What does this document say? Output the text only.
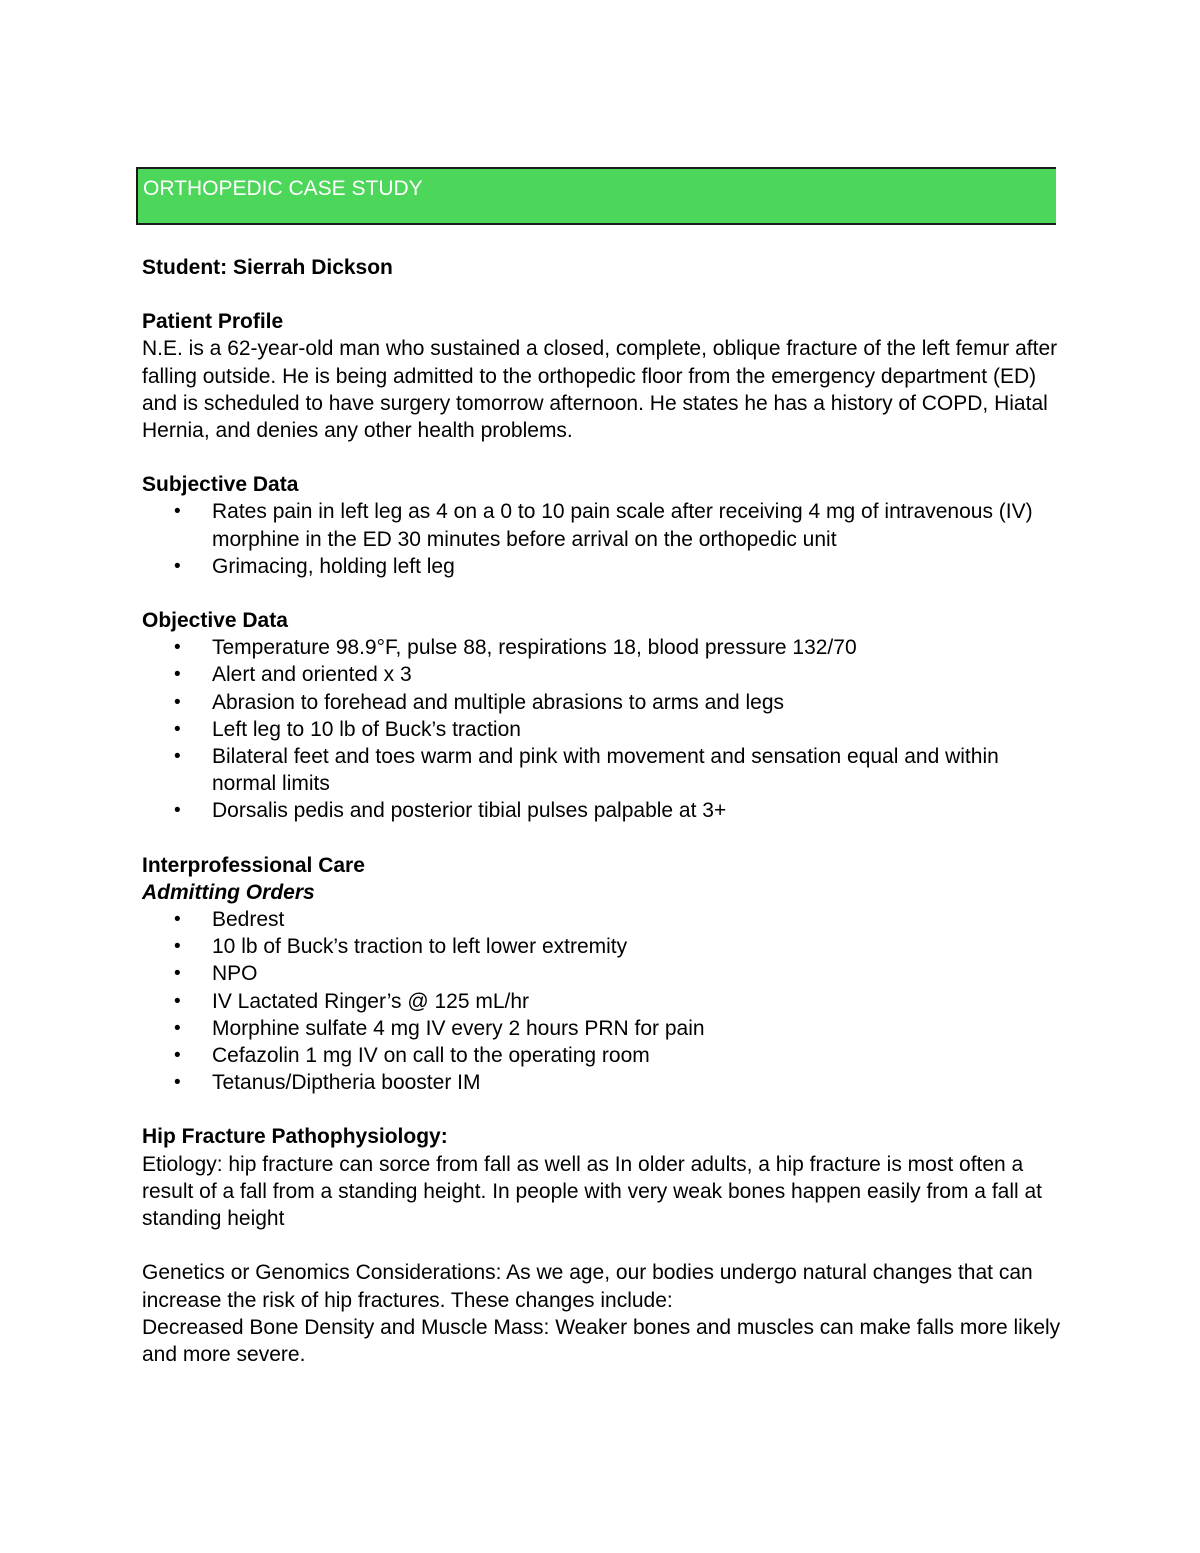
ORTHOPEDIC CASE STUDY

Student: Sierrah Dickson

Patient Profile

N.E. is a 62-year-old man who sustained a closed, complete, oblique fracture of the left femur after falling outside. He is being admitted to the orthopedic floor from the emergency department (ED) and is scheduled to have surgery tomorrow afternoon. He states he has a history of COPD, Hiatal Hernia, and denies any other health problems.

Subjective Data

• Rates pain in left leg as 4 on a 0 to 10 pain scale after receiving 4 mg of intravenous (IV) morphine in the ED 30 minutes before arrival on the orthopedic unit
• Grimacing, holding left leg

Objective Data

• Temperature 98.9°F, pulse 88, respirations 18, blood pressure 132/70
• Alert and oriented x 3
• Abrasion to forehead and multiple abrasions to arms and legs
• Left leg to 10 lb of Buck’s traction
• Bilateral feet and toes warm and pink with movement and sensation equal and within normal limits
• Dorsalis pedis and posterior tibial pulses palpable at 3+

Interprofessional Care

Admitting Orders

• Bedrest
• 10 lb of Buck’s traction to left lower extremity
• NPO
• IV Lactated Ringer’s @ 125 mL/hr
• Morphine sulfate 4 mg IV every 2 hours PRN for pain
• Cefazolin 1 mg IV on call to the operating room
• Tetanus/Diptheria booster IM

Hip Fracture Pathophysiology:

Etiology: hip fracture can sorce from fall as well as In older adults, a hip fracture is most often a result of a fall from a standing height. In people with very weak bones happen easily from a fall at standing height

Genetics or Genomics Considerations: As we age, our bodies undergo natural changes that can increase the risk of hip fractures. These changes include:

Decreased Bone Density and Muscle Mass: Weaker bones and muscles can make falls more likely and more severe.
